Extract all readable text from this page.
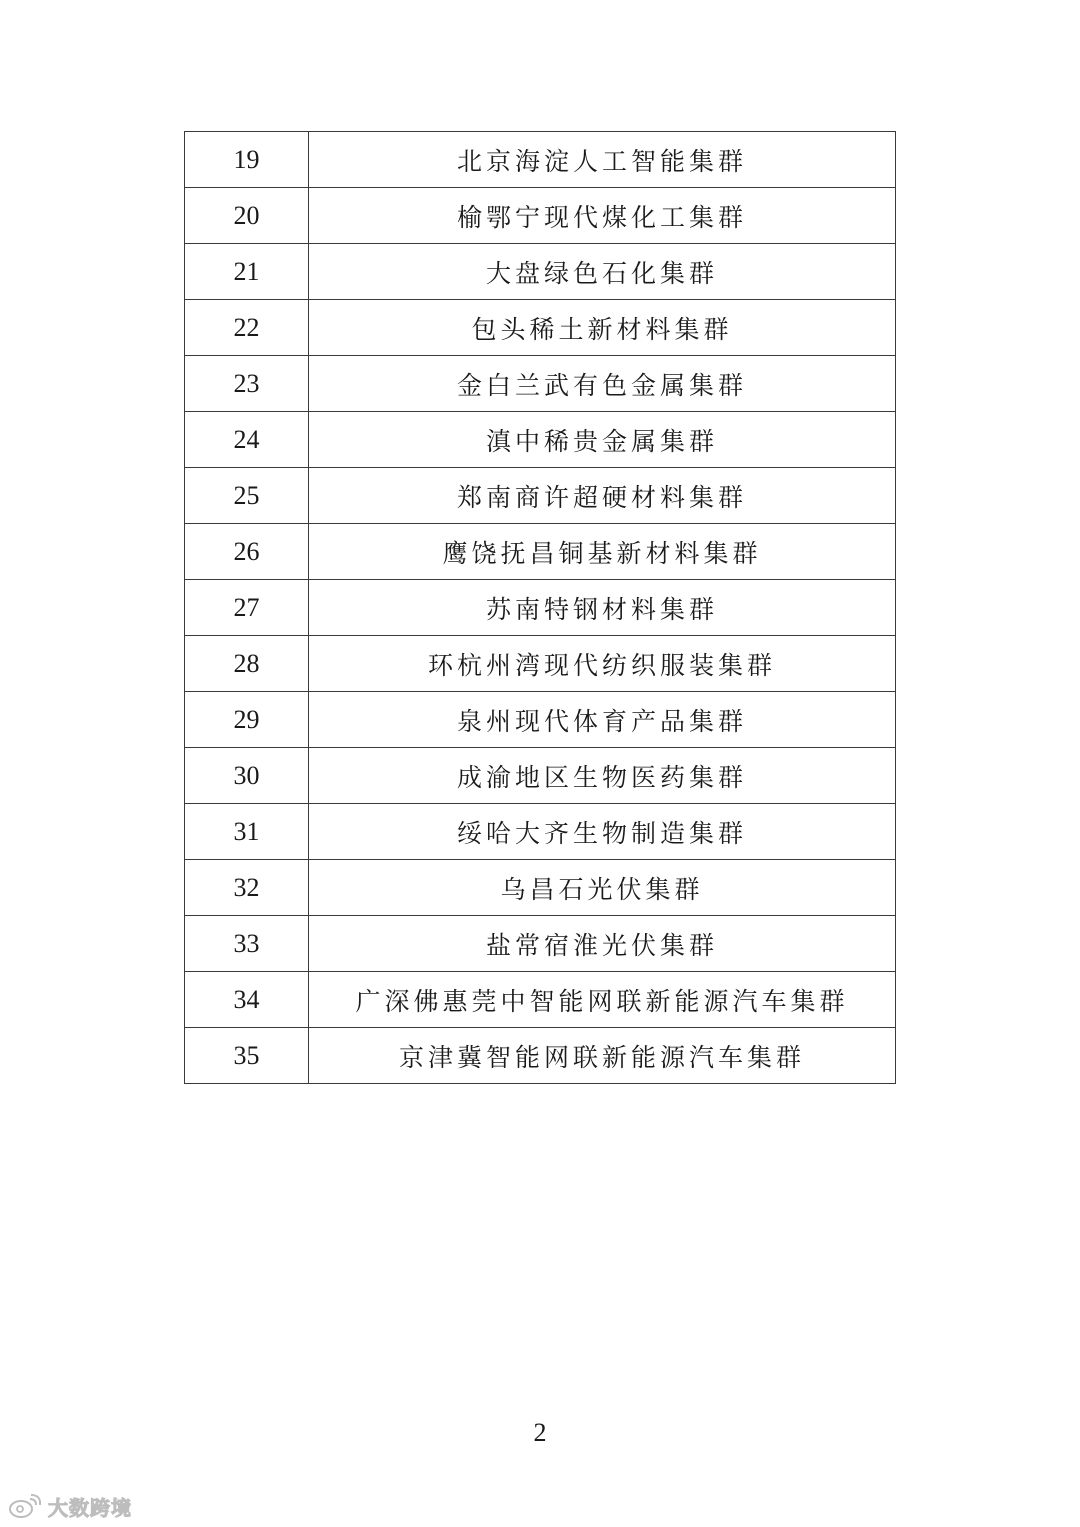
19	北京海淀人工智能集群
20	榆鄂宁现代煤化工集群
21	大盘绿色石化集群
22	包头稀土新材料集群
23	金白兰武有色金属集群
24	滇中稀贵金属集群
25	郑南商许超硬材料集群
26	鹰饶抚昌铜基新材料集群
27	苏南特钢材料集群
28	环杭州湾现代纺织服装集群
29	泉州现代体育产品集群
30	成渝地区生物医药集群
31	绥哈大齐生物制造集群
32	乌昌石光伏集群
33	盐常宿淮光伏集群
34	广深佛惠莞中智能网联新能源汽车集群
35	京津冀智能网联新能源汽车集群
2
大数跨境
